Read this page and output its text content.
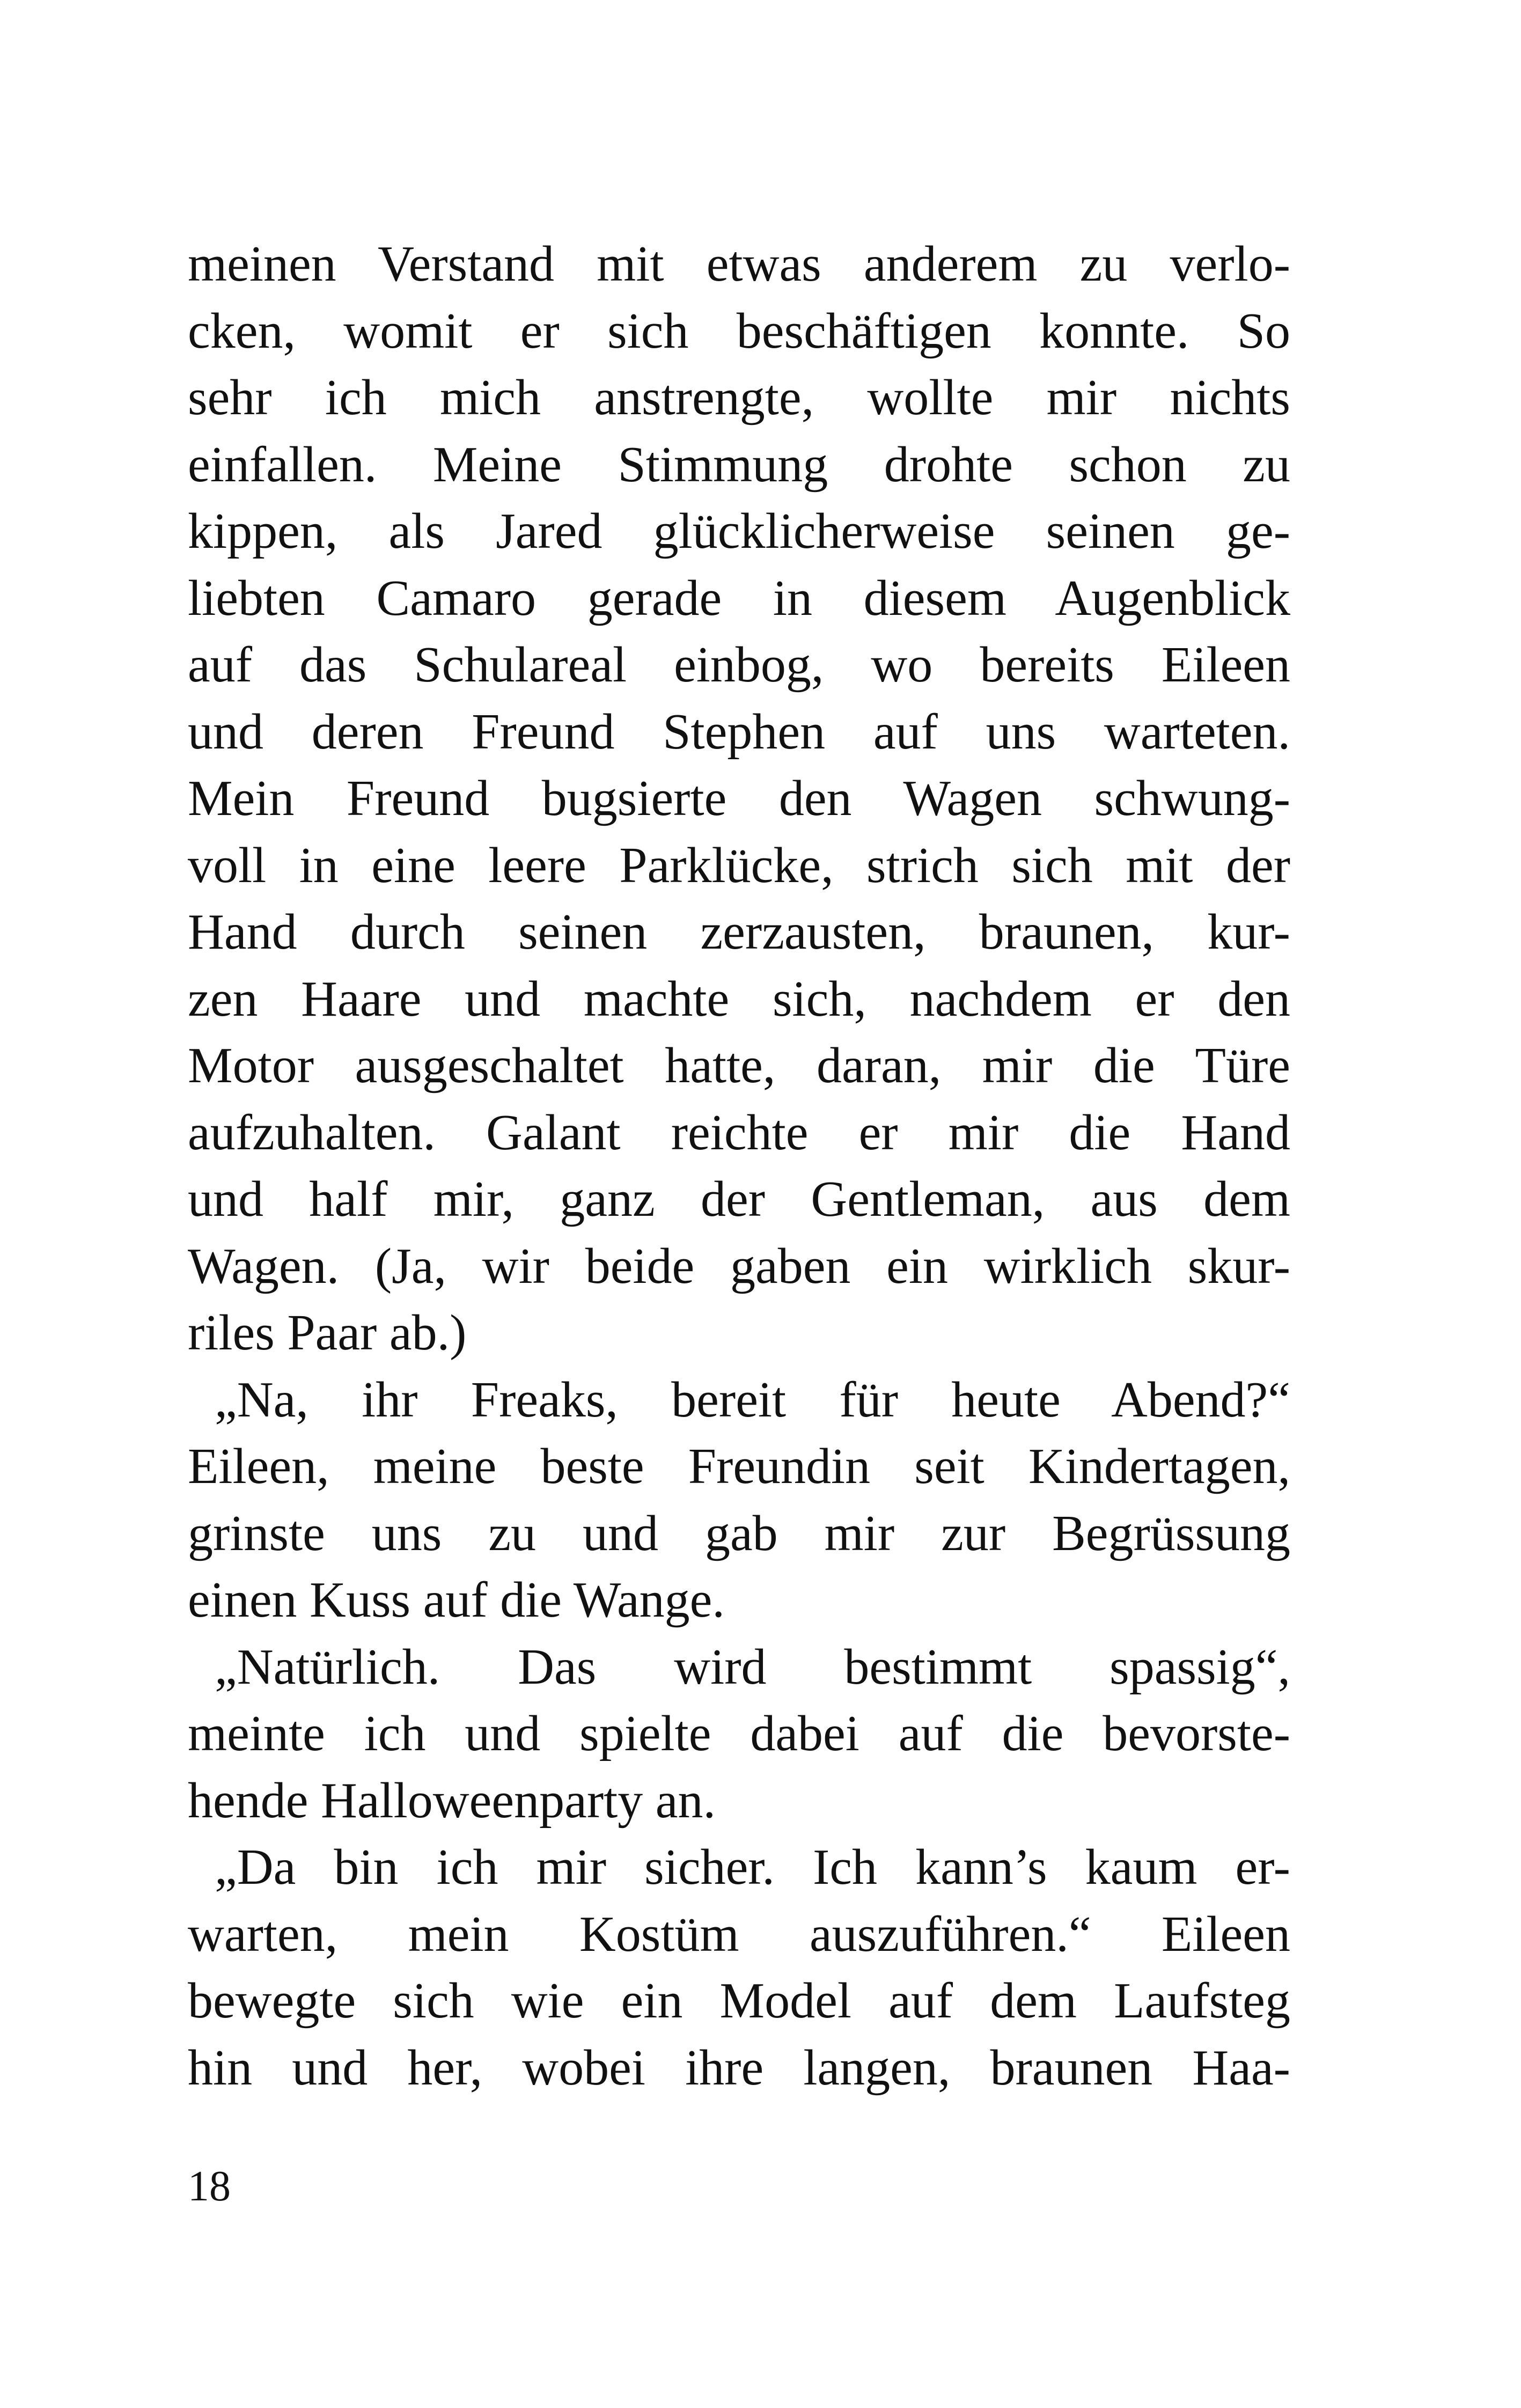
meinen Verstand mit etwas anderem zu verlo-
cken, womit er sich beschäftigen konnte. So
sehr ich mich anstrengte, wollte mir nichts
einfallen. Meine Stimmung drohte schon zu
kippen, als Jared glücklicherweise seinen ge-
liebten Camaro gerade in diesem Augenblick
auf das Schulareal einbog, wo bereits Eileen
und deren Freund Stephen auf uns warteten.
Mein Freund bugsierte den Wagen schwung-
voll in eine leere Parklücke, strich sich mit der
Hand durch seinen zerzausten, braunen, kur-
zen Haare und machte sich, nachdem er den
Motor ausgeschaltet hatte, daran, mir die Türe
aufzuhalten. Galant reichte er mir die Hand
und half mir, ganz der Gentleman, aus dem
Wagen. (Ja, wir beide gaben ein wirklich skur-
riles Paar ab.)
„Na, ihr Freaks, bereit für heute Abend?“
Eileen, meine beste Freundin seit Kindertagen,
grinste uns zu und gab mir zur Begrüssung
einen Kuss auf die Wange.
„Natürlich. Das wird bestimmt spassig“,
meinte ich und spielte dabei auf die bevorste-
hende Halloweenparty an.
„Da bin ich mir sicher. Ich kann’s kaum er-
warten, mein Kostüm auszuführen.“ Eileen
bewegte sich wie ein Model auf dem Laufsteg
hin und her, wobei ihre langen, braunen Haa-
18
